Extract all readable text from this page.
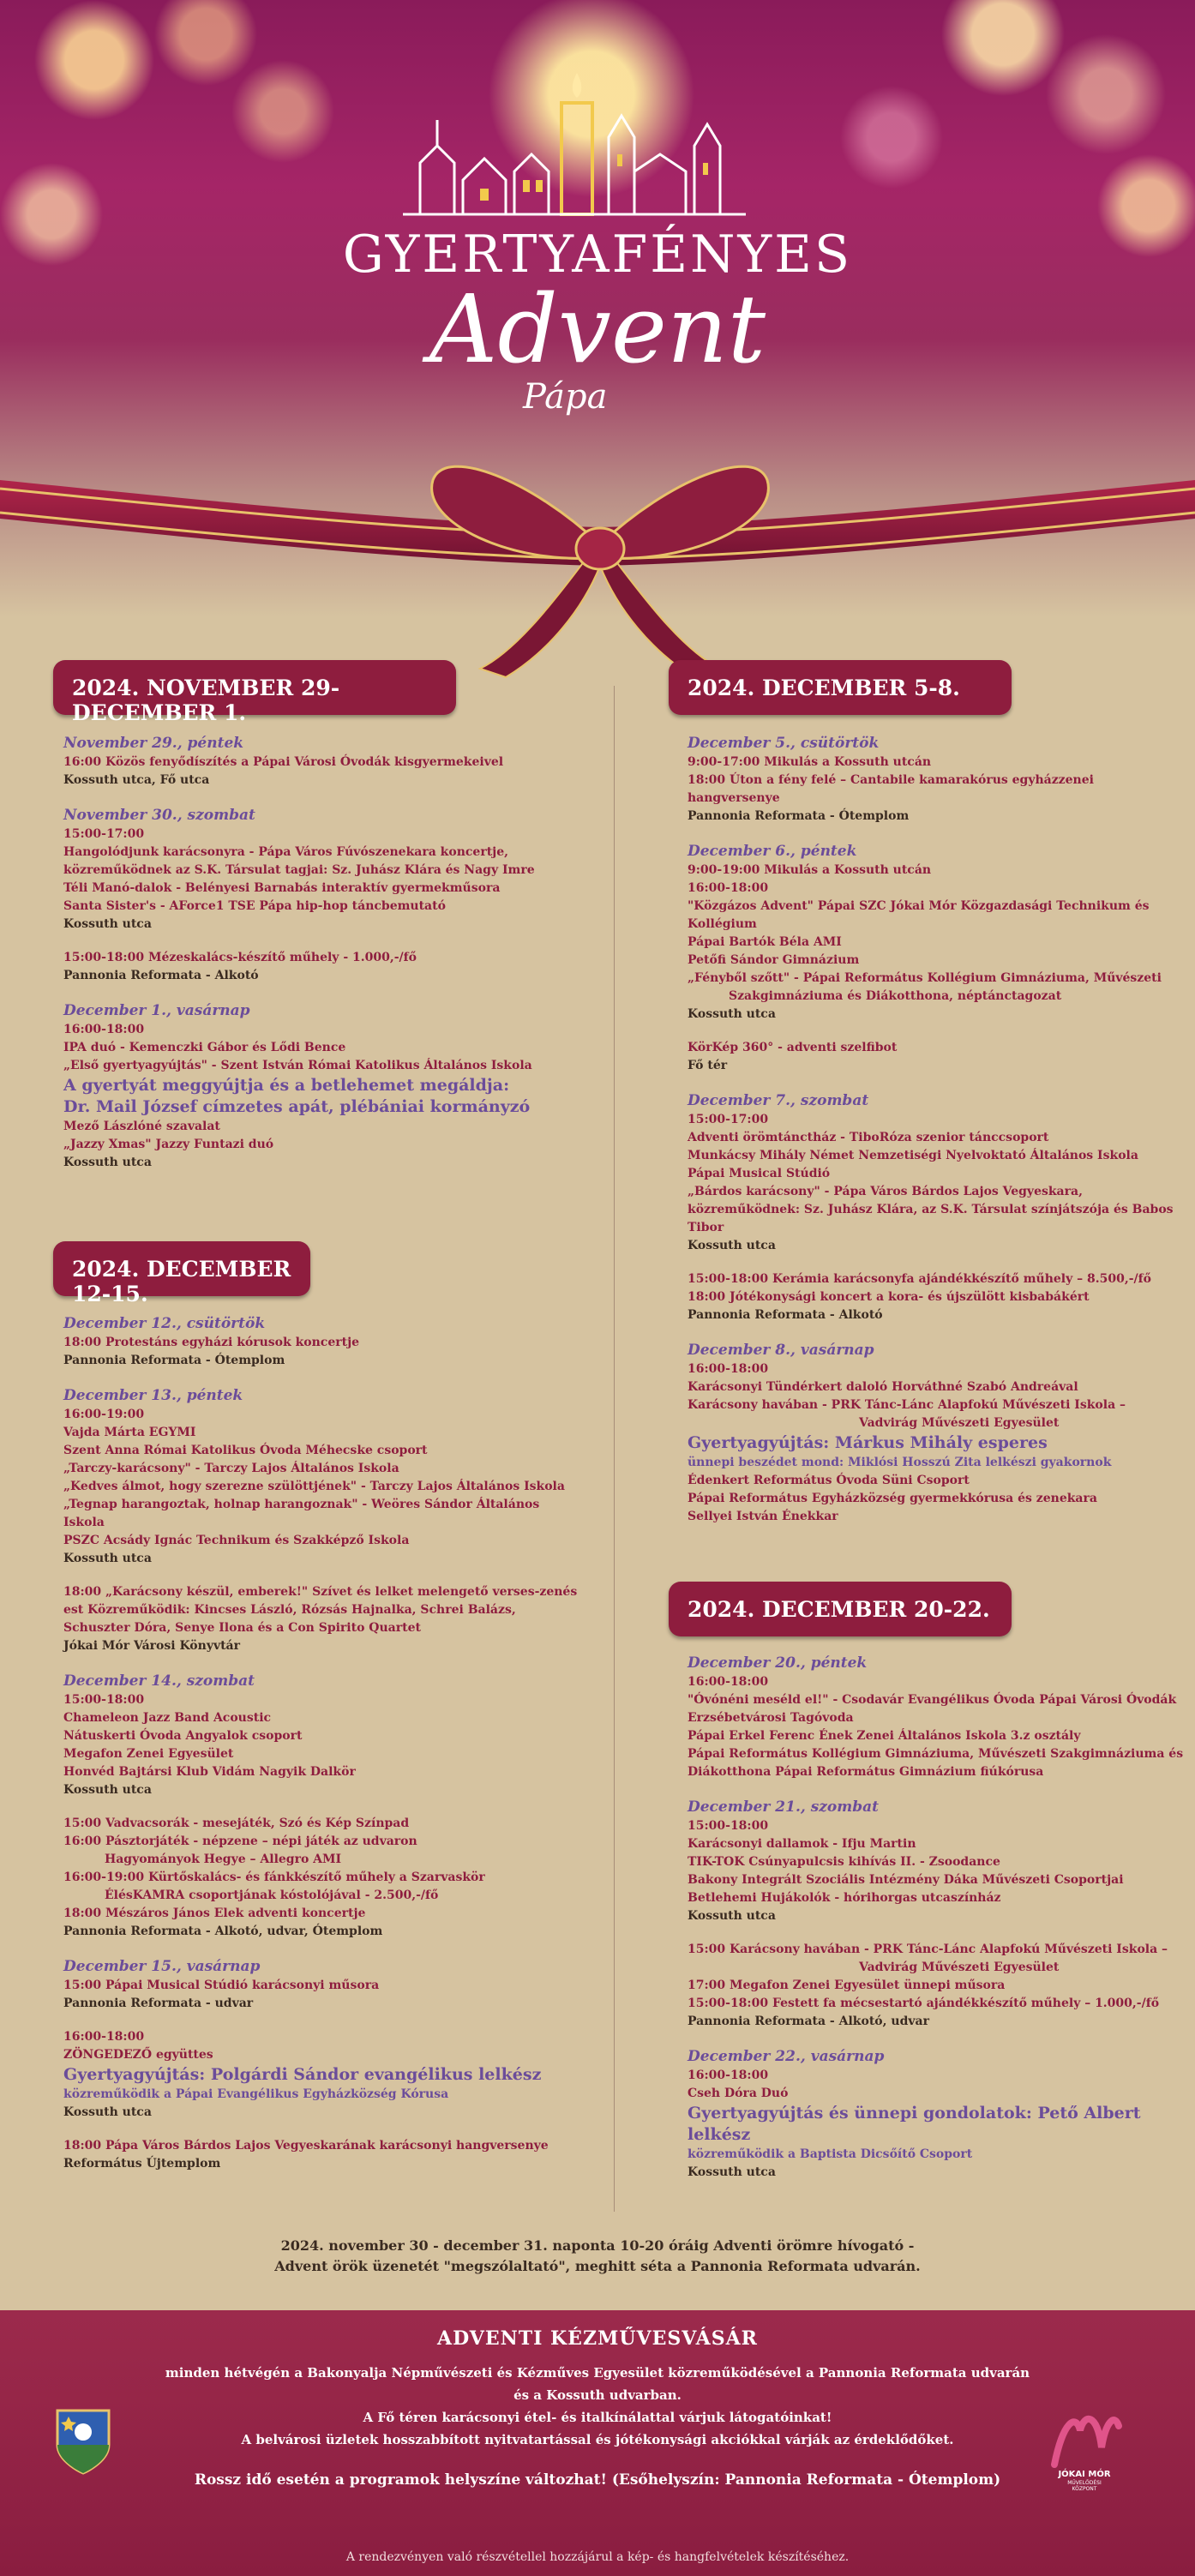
GYERTYAFÉNYES
Advent
Pápa
2024. NOVEMBER 29-DECEMBER 1.
November 29., péntek
16:00 Közös fenyődíszítés a Pápai Városi Óvodák kisgyermekeivel
Kossuth utca, Fő utca
November 30., szombat
15:00-17:00
Hangolódjunk karácsonyra - Pápa Város Fúvószenekara koncertje, közreműködnek az S.K. Társulat tagjai: Sz. Juhász Klára és Nagy Imre
Téli Manó-dalok - Belényesi Barnabás interaktív gyermekműsora
Santa Sister's - AForce1 TSE Pápa hip-hop táncbemutató
Kossuth utca
15:00-18:00 Mézeskalács-készítő műhely - 1.000,-/fő
Pannonia Reformata - Alkotó
December 1., vasárnap
16:00-18:00
IPA duó - Kemenczki Gábor és Lődi Bence
„Első gyertyagyújtás" - Szent István Római Katolikus Általános Iskola
A gyertyát meggyújtja és a betlehemet megáldja:
Dr. Mail József címzetes apát, plébániai kormányzó
Mező Lászlóné szavalat
„Jazzy Xmas" Jazzy Funtazi duó
Kossuth utca
2024. DECEMBER 12-15.
December 12., csütörtök
18:00 Protestáns egyházi kórusok koncertje
Pannonia Reformata - Ótemplom
December 13., péntek
16:00-19:00
Vajda Márta EGYMI
Szent Anna Római Katolikus Óvoda Méhecske csoport
„Tarczy-karácsony" - Tarczy Lajos Általános Iskola
„Kedves álmot, hogy szerezne szülöttjének" - Tarczy Lajos Általános Iskola
„Tegnap harangoztak, holnap harangoznak" - Weöres Sándor Általános Iskola
PSZC Acsády Ignác Technikum és Szakképző Iskola
Kossuth utca
18:00 „Karácsony készül, emberek!" Szívet és lelket melengető verses-zenés est Közreműködik: Kincses László, Rózsás Hajnalka, Schrei Balázs, Schuszter Dóra, Senye Ilona és a Con Spirito Quartet
Jókai Mór Városi Könyvtár
December 14., szombat
15:00-18:00
Chameleon Jazz Band Acoustic
Nátuskerti Óvoda Angyalok csoport
Megafon Zenei Egyesület
Honvéd Bajtársi Klub Vidám Nagyik Dalkör
Kossuth utca
15:00 Vadvacsorák - mesejáték, Szó és Kép Színpad
16:00 Pásztorjáték - népzene – népi játék az udvaron
Hagyományok Hegye – Allegro AMI
16:00-19:00 Kürtőskalács- és fánkkészítő műhely a Szarvaskör
ÉlésKAMRA csoportjának kóstolójával - 2.500,-/fő
18:00 Mészáros János Elek adventi koncertje
Pannonia Reformata - Alkotó, udvar, Ótemplom
December 15., vasárnap
15:00 Pápai Musical Stúdió karácsonyi műsora
Pannonia Reformata - udvar
16:00-18:00
ZÖNGEDEZŐ együttes
Gyertyagyújtás: Polgárdi Sándor evangélikus lelkész
közreműködik a Pápai Evangélikus Egyházközség Kórusa
Kossuth utca
18:00 Pápa Város Bárdos Lajos Vegyeskarának karácsonyi hangversenye
Református Újtemplom
2024. DECEMBER 5-8.
December 5., csütörtök
9:00-17:00 Mikulás a Kossuth utcán
18:00 Úton a fény felé – Cantabile kamarakórus egyházzenei hangversenye
Pannonia Reformata - Ótemplom
December 6., péntek
9:00-19:00 Mikulás a Kossuth utcán
16:00-18:00
"Közgázos Advent" Pápai SZC Jókai Mór Közgazdasági Technikum és Kollégium
Pápai Bartók Béla AMI
Petőfi Sándor Gimnázium
„Fényből szőtt" - Pápai Református Kollégium Gimnáziuma, Művészeti
Szakgimnáziuma és Diákotthona, néptánctagozat
Kossuth utca
KörKép 360° - adventi szelfibot
Fő tér
December 7., szombat
15:00-17:00
Adventi örömtánctház - TiboRóza szenior tánccsoport
Munkácsy Mihály Német Nemzetiségi Nyelvoktató Általános Iskola
Pápai Musical Stúdió
„Bárdos karácsony" - Pápa Város Bárdos Lajos Vegyeskara, közreműködnek: Sz. Juhász Klára, az S.K. Társulat színjátszója és Babos Tibor
Kossuth utca
15:00-18:00 Kerámia karácsonyfa ajándékkészítő műhely – 8.500,-/fő
18:00 Jótékonysági koncert a kora- és újszülött kisbabákért
Pannonia Reformata - Alkotó
December 8., vasárnap
16:00-18:00
Karácsonyi Tündérkert daloló Horváthné Szabó Andreával
Karácsony havában - PRK Tánc-Lánc Alapfokú Művészeti Iskola –
Vadvirág Művészeti Egyesület
Gyertyagyújtás: Márkus Mihály esperes
ünnepi beszédet mond: Miklósi Hosszú Zita lelkészi gyakornok
Édenkert Református Óvoda Süni Csoport
Pápai Református Egyházközség gyermekkórusa és zenekara
Sellyei István Énekkar
2024. DECEMBER 20-22.
December 20., péntek
16:00-18:00
"Óvónéni meséld el!" - Csodavár Evangélikus Óvoda Pápai Városi Óvodák Erzsébetvárosi Tagóvoda
Pápai Erkel Ferenc Ének Zenei Általános Iskola 3.z osztály
Pápai Református Kollégium Gimnáziuma, Művészeti Szakgimnáziuma és Diákotthona Pápai Református Gimnázium fiúkórusa
December 21., szombat
15:00-18:00
Karácsonyi dallamok - Ifju Martin
TIK-TOK Csúnyapulcsis kihívás II. - Zsoodance
Bakony Integrált Szociális Intézmény Dáka Művészeti Csoportjai
Betlehemi Hujákolók - hórihorgas utcaszínház
Kossuth utca
15:00 Karácsony havában - PRK Tánc-Lánc Alapfokú Művészeti Iskola –
Vadvirág Művészeti Egyesület
17:00 Megafon Zenei Egyesület ünnepi műsora
15:00-18:00 Festett fa mécsestartó ajándékkészítő műhely – 1.000,-/fő
Pannonia Reformata - Alkotó, udvar
December 22., vasárnap
16:00-18:00
Cseh Dóra Duó
Gyertyagyújtás és ünnepi gondolatok: Pető Albert lelkész
közreműködik a Baptista Dicsőítő Csoport
Kossuth utca
2024. november 30 - december 31. naponta 10-20 óráig Adventi örömre hívogató -
Advent örök üzenetét "megszólaltató", meghitt séta a Pannonia Reformata udvarán.
ADVENTI KÉZMŰVESVÁSÁR
minden hétvégén a Bakonyalja Népművészeti és Kézműves Egyesület közreműködésével a Pannonia Reformata udvarán
és a Kossuth udvarban.
A Fő téren karácsonyi étel- és italkínálattal várjuk látogatóinkat!
A belvárosi üzletek hosszabbított nyitvatartással és jótékonysági akciókkal várják az érdeklődőket.
Rossz idő esetén a programok helyszíne változhat! (Esőhelyszín: Pannonia Reformata - Ótemplom)
A rendezvényen való részvétellel hozzájárul a kép- és hangfelvételek készítéséhez.
JÓKAI MÓR
MŰVELŐDÉSI
KÖZPONT
